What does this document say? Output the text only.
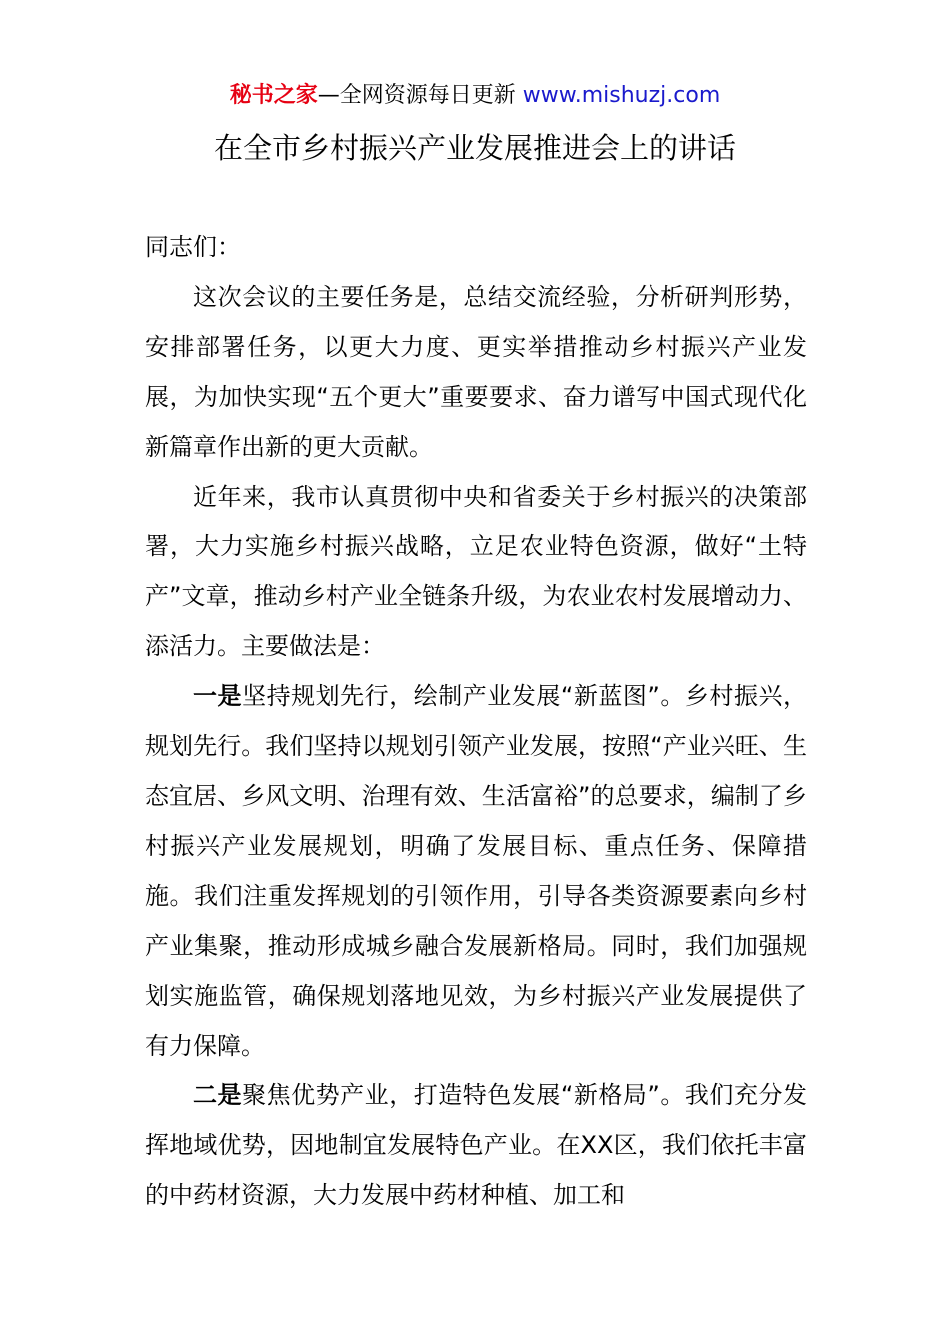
秘书之家—全网资源每日更新 www.mishuzj.com
在全市乡村振兴产业发展推进会上的讲话

同志们：

这次会议的主要任务是，总结交流经验，分析研判形势，安排部署任务，以更大力度、更实举措推动乡村振兴产业发展，为加快实现“五个更大”重要要求、奋力谱写中国式现代化新篇章作出新的更大贡献。

近年来，我市认真贯彻中央和省委关于乡村振兴的决策部署，大力实施乡村振兴战略，立足农业特色资源，做好“土特产”文章，推动乡村产业全链条升级，为农业农村发展增动力、添活力。主要做法是：

一是坚持规划先行，绘制产业发展“新蓝图”。乡村振兴，规划先行。我们坚持以规划引领产业发展，按照“产业兴旺、生态宜居、乡风文明、治理有效、生活富裕”的总要求，编制了乡村振兴产业发展规划，明确了发展目标、重点任务、保障措施。我们注重发挥规划的引领作用，引导各类资源要素向乡村产业集聚，推动形成城乡融合发展新格局。同时，我们加强规划实施监管，确保规划落地见效，为乡村振兴产业发展提供了有力保障。

二是聚焦优势产业，打造特色发展“新格局”。我们充分发挥地域优势，因地制宜发展特色产业。在XX区，我们依托丰富的中药材资源，大力发展中药材种植、加工和
